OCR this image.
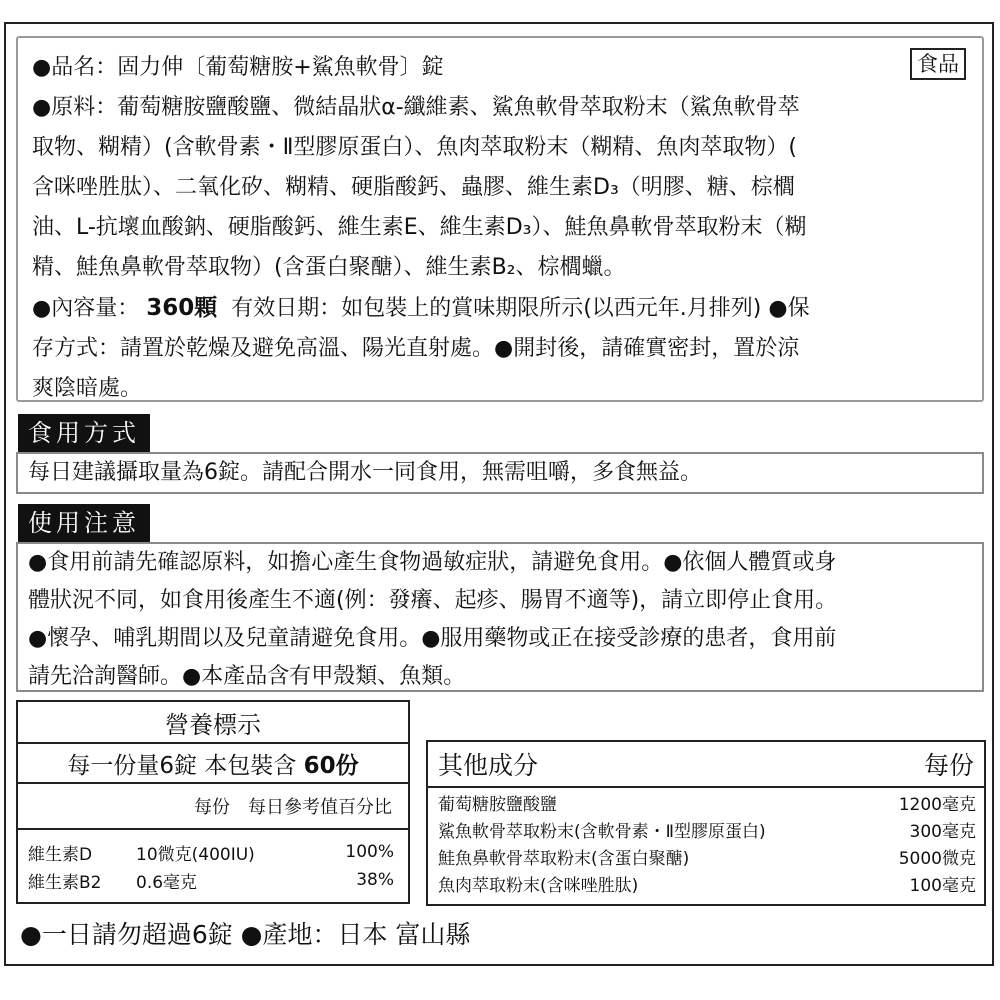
食品

●品名：固力伸〔葡萄糖胺+鯊魚軟骨〕錠

●原料：葡萄糖胺鹽酸鹽、微結晶狀α-纖維素、鯊魚軟骨萃取粉末（鯊魚軟骨萃

取物、糊精）(含軟骨素・Ⅱ型膠原蛋白）、魚肉萃取粉末（糊精、魚肉萃取物）(

含咪唑胜肽）、二氧化矽、糊精、硬脂酸鈣、蟲膠、維生素D₃（明膠、糖、棕櫚

油、L-抗壞血酸鈉、硬脂酸鈣、維生素E、維生素D₃）、鮭魚鼻軟骨萃取粉末（糊

精、鮭魚鼻軟骨萃取物）(含蛋白聚醣）、維生素B₂、棕櫚蠟。

●內容量： 360顆 有效日期：如包裝上的賞味期限所示(以西元年.月排列) ●保

存方式：請置於乾燥及避免高溫、陽光直射處。●開封後，請確實密封，置於涼

爽陰暗處。

食用方式

每日建議攝取量為6錠。請配合開水一同食用，無需咀嚼，多食無益。

使用注意

●食用前請先確認原料，如擔心產生食物過敏症狀，請避免食用。●依個人體質或身

體狀況不同，如食用後產生不適(例：發癢、起疹、腸胃不適等)，請立即停止食用。

●懷孕、哺乳期間以及兒童請避免食用。●服用藥物或正在接受診療的患者，食用前

請先洽詢醫師。●本產品含有甲殼類、魚類。

營養標示
每一份量6錠 本包裝含 60份
每份　每日參考值百分比

維生素D	10微克(400IU)	100%
維生素B2	0.6毫克	38%
其他成分	每份
葡萄糖胺鹽酸鹽	1200毫克
鯊魚軟骨萃取粉末(含軟骨素・Ⅱ型膠原蛋白)	300毫克
鮭魚鼻軟骨萃取粉末(含蛋白聚醣)	5000微克
魚肉萃取粉末(含咪唑胜肽)	100毫克
●一日請勿超過6錠 ●產地：日本 富山縣
